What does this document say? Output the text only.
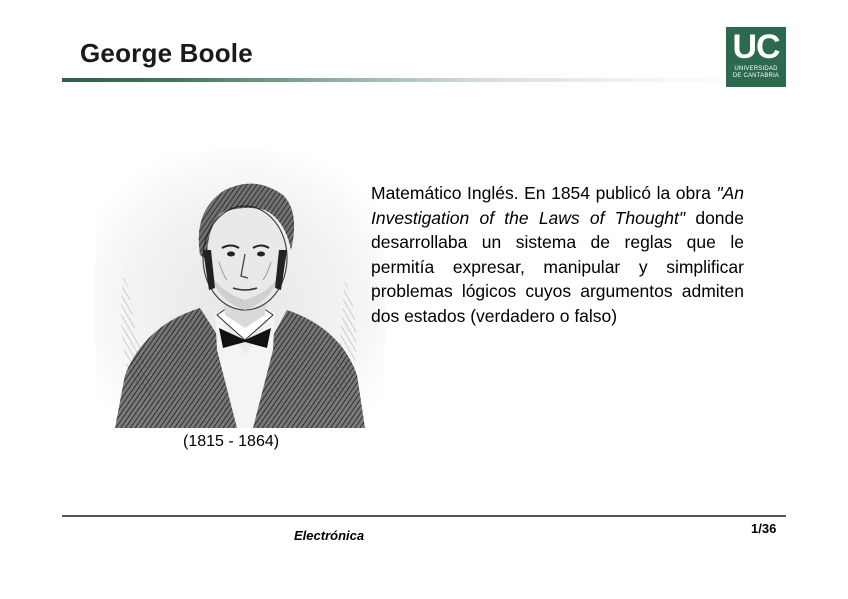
George Boole	UC
UNIVERSIDAD
DE CANTABRIA
(1815 - 1864)

Matemático Inglés. En 1854 publicó la obra "An Investigation of the Laws of Thought" donde desarrollaba un sistema de reglas que le permitía expresar, manipular y simplificar problemas lógicos cuyos argumentos admiten dos estados (verdadero o falso)

Electrónica	1/36
